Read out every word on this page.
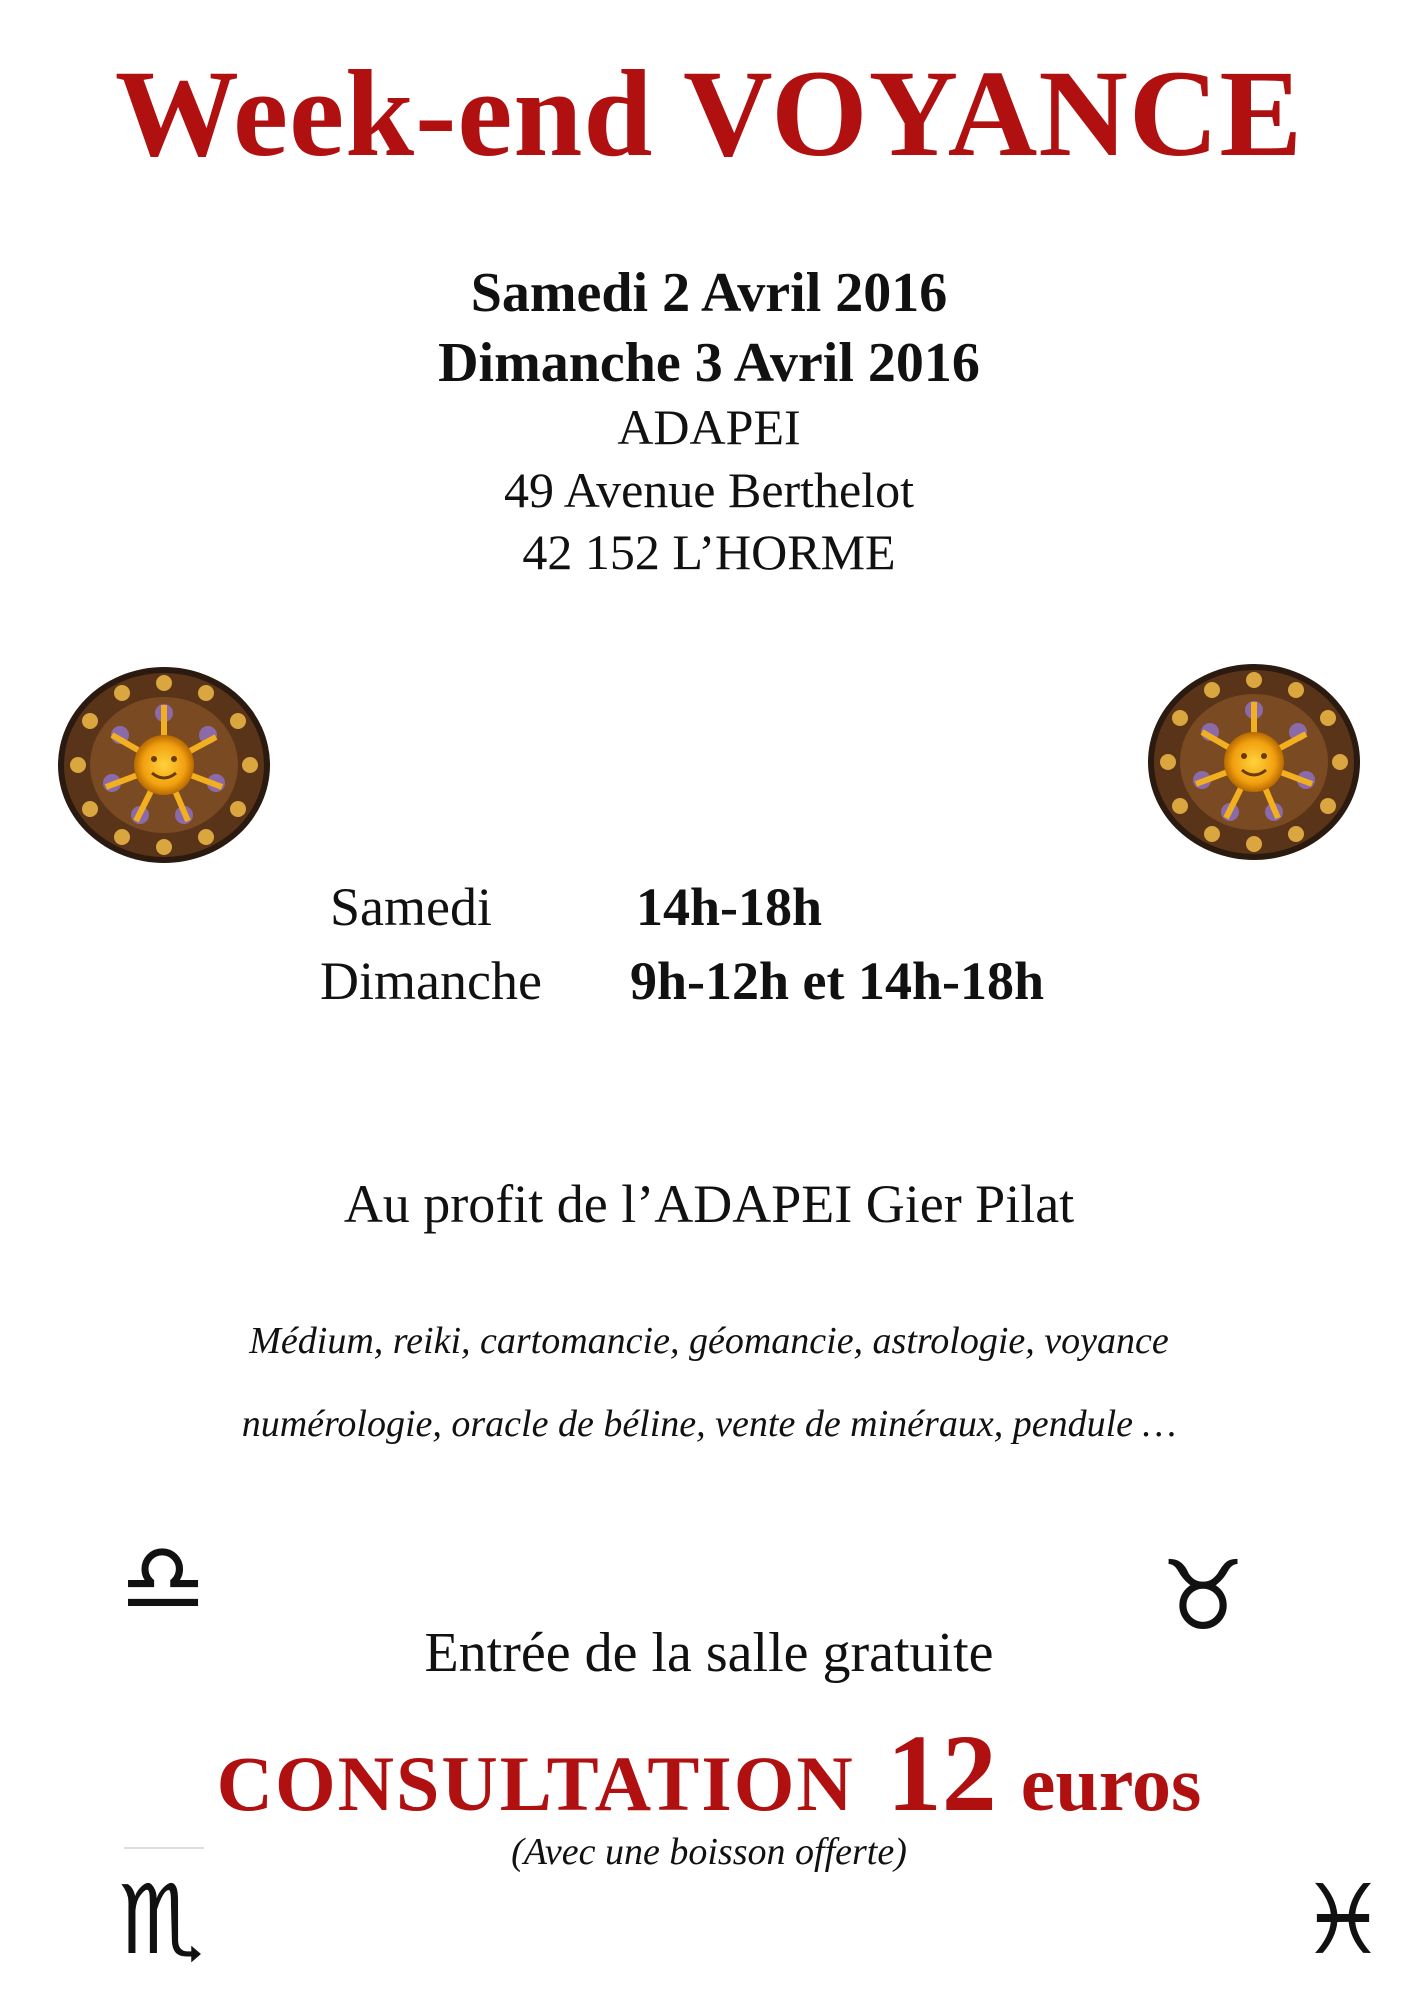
Week-end VOYANCE
Samedi 2 Avril 2016
Dimanche 3 Avril 2016
ADAPEI
49 Avenue Berthelot
42 152 L’HORME
Samedi	14h-18h
Dimanche 9h-12h et 14h-18h
Au profit de l’ADAPEI Gier Pilat
Médium, reiki, cartomancie, géomancie, astrologie, voyance
numérologie, oracle de béline, vente de minéraux, pendule …
♎	♉
Entrée de la salle gratuite
CONSULTATION 12 euros
(Avec une boisson offerte)
♏	♓
